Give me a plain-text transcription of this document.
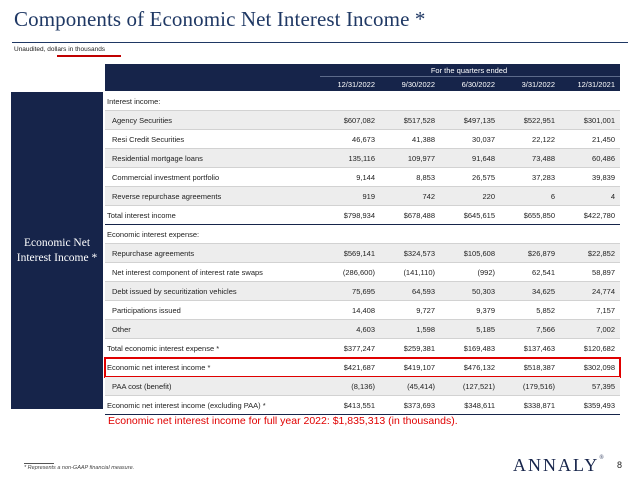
Components of Economic Net Interest Income *
Unaudited, dollars in thousands
For the quarters ended
12/31/2022	9/30/2022	6/30/2022	3/31/2022	12/31/2021
Economic Net
Interest Income *
Interest income:
Agency Securities	$607,082	$517,528	$497,135	$522,951	$301,001
Resi Credit Securities	46,673	41,388	30,037	22,122	21,450
Residential mortgage loans	135,116	109,977	91,648	73,488	60,486
Commercial investment portfolio	9,144	8,853	26,575	37,283	39,839
Reverse repurchase agreements	919	742	220	6	4
Total interest income	$798,934	$678,488	$645,615	$655,850	$422,780
Economic interest expense:
Repurchase agreements	$569,141	$324,573	$105,608	$26,879	$22,852
Net interest component of interest rate swaps	(286,600)	(141,110)	(992)	62,541	58,897
Debt issued by securitization vehicles	75,695	64,593	50,303	34,625	24,774
Participations issued	14,408	9,727	9,379	5,852	7,157
Other	4,603	1,598	5,185	7,566	7,002
Total economic interest expense *	$377,247	$259,381	$169,483	$137,463	$120,682
Economic net interest income *	$421,687	$419,107	$476,132	$518,387	$302,098
PAA cost (benefit)	(8,136)	(45,414)	(127,521)	(179,516)	57,395
Economic net interest income (excluding PAA) *	$413,551	$373,693	$348,611	$338,871	$359,493
Economic net interest income for full year 2022: $1,835,313 (in thousands).
* Represents a non-GAAP financial measure.	ANNALY®
8
